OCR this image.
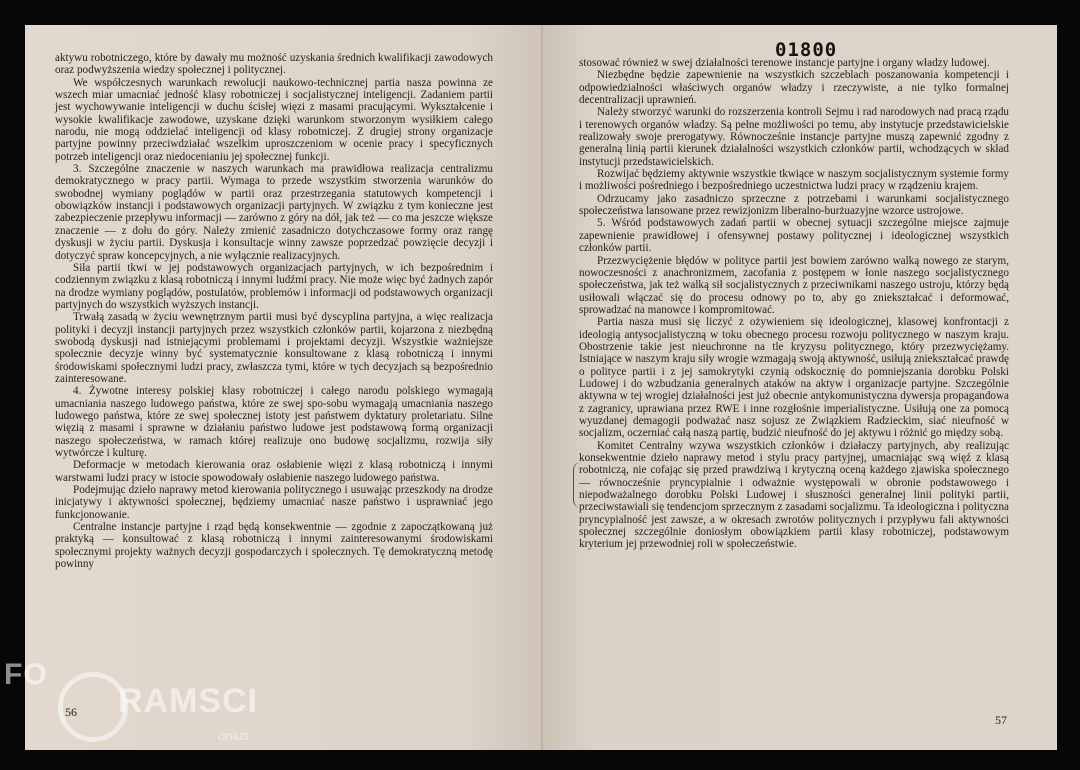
aktywu robotniczego, które by dawały mu możność uzyskania średnich kwalifikacji zawodowych oraz podwyższenia wiedzy społecznej i politycznej.

We współczesnych warunkach rewolucji naukowo-technicznej partia nasza powinna ze wszech miar umacniać jedność klasy robotniczej i socjalistycznej inteligencji. Zadaniem partii jest wychowywanie inteligencji w duchu ścisłej więzi z masami pracującymi. Wykształcenie i wysokie kwalifikacje zawodowe, uzyskane dzięki warunkom stworzonym wysiłkiem całego narodu, nie mogą oddzielać inteligencji od klasy robotniczej. Z drugiej strony organizacje partyjne powinny przeciwdziałać wszelkim uproszczeniom w ocenie pracy i specyficznych potrzeb inteligencji oraz niedocenianiu jej społecznej funkcji.

3. Szczególne znaczenie w naszych warunkach ma prawidłowa realizacja centralizmu demokratycznego w pracy partii. Wymaga to przede wszystkim stworzenia warunków do swobodnej wymiany poglądów w partii oraz przestrzegania statutowych kompetencji i obowiązków instancji i podstawowych organizacji partyjnych. W związku z tym konieczne jest zabezpieczenie przepływu informacji — zarówno z góry na dół, jak też — co ma jeszcze większe znaczenie — z dołu do góry. Należy zmienić zasadniczo dotychczasowe formy oraz rangę dyskusji w życiu partii. Dyskusja i konsultacje winny zawsze poprzedzać powzięcie decyzji i dotyczyć spraw koncepcyjnych, a nie wyłącznie realizacyjnych.

Siła partii tkwi w jej podstawowych organizacjach partyjnych, w ich bezpośrednim i codziennym związku z klasą robotniczą i innymi ludźmi pracy. Nie może więc być żadnych zapór na drodze wymiany poglądów, postulatów, problemów i informacji od podstawowych organizacji partyjnych do wszystkich wyższych instancji.

Trwałą zasadą w życiu wewnętrznym partii musi być dyscyplina partyjna, a więc realizacja polityki i decyzji instancji partyjnych przez wszystkich członków partii, kojarzona z niezbędną swobodą dyskusji nad istniejącymi problemami i projektami decyzji. Wszystkie ważniejsze społecznie decyzje winny być systematycznie konsultowane z klasą robotniczą i innymi środowiskami społecznymi ludzi pracy, zwłaszcza tymi, które w tych decyzjach są bezpośrednio zainteresowane.

4. Żywotne interesy polskiej klasy robotniczej i całego narodu polskiego wymagają umacniania naszego ludowego państwa, które ze swej spo-sobu wymagają umacniania naszego ludowego państwa, które ze swej społecznej istoty jest państwem dyktatury proletariatu. Silne więzią z masami i sprawne w działaniu państwo ludowe jest podstawową formą organizacji naszego społeczeństwa, w ramach której realizuje ono budowę socjalizmu, rozwija siły wytwórcze i kulturę.

Deformacje w metodach kierowania oraz osłabienie więzi z klasą robotniczą i innymi warstwami ludzi pracy w istocie spowodowały osłabienie naszego ludowego państwa.

Podejmując dzieło naprawy metod kierowania politycznego i usuwając przeszkody na drodze inicjatywy i aktywności społecznej, będziemy umacniać nasze państwo i usprawniać jego funkcjonowanie.

Centralne instancje partyjne i rząd będą konsekwentnie — zgodnie z zapoczątkowaną już praktyką — konsultować z klasą robotniczą i innymi zainteresowanymi środowiskami społecznymi projekty ważnych decyzji gospodarczych i społecznych. Tę demokratyczną metodę powinny

56
01800

stosować również w swej działalności terenowe instancje partyjne i organy władzy ludowej.

Niezbędne będzie zapewnienie na wszystkich szczeblach poszanowania kompetencji i odpowiedzialności właściwych organów władzy i rzeczywiste, a nie tylko formalnej decentralizacji uprawnień.

Należy stworzyć warunki do rozszerzenia kontroli Sejmu i rad narodowych nad pracą rządu i terenowych organów władzy. Są pełne możliwości po temu, aby instytucje przedstawicielskie realizowały swoje prerogatywy. Równocześnie instancje partyjne muszą zapewnić zgodny z generalną linią partii kierunek działalności wszystkich członków partii, wchodzących w skład instytucji przedstawicielskich.

Rozwijać będziemy aktywnie wszystkie tkwiące w naszym socjalistycznym systemie formy i możliwości pośredniego i bezpośredniego uczestnictwa ludzi pracy w rządzeniu krajem.

Odrzucamy jako zasadniczo sprzeczne z potrzebami i warunkami socjalistycznego społeczeństwa lansowane przez rewizjonizm liberalno-burżuazyjne wzorce ustrojowe.

5. Wśród podstawowych zadań partii w obecnej sytuacji szczególne miejsce zajmuje zapewnienie prawidłowej i ofensywnej postawy politycznej i ideologicznej wszystkich członków partii.

Przezwyciężenie błędów w polityce partii jest bowiem zarówno walką nowego ze starym, nowoczesności z anachronizmem, zacofania z postępem w łonie naszego socjalistycznego społeczeństwa, jak też walką sił socjalistycznych z przeciwnikami naszego ustroju, którzy będą usiłowali włączać się do procesu odnowy po to, aby go zniekształcać i deformować, sprowadzać na manowce i kompromitować.

Partia nasza musi się liczyć z ożywieniem się ideologicznej, klasowej konfrontacji z ideologią antysocjalistyczną w toku obecnego procesu rozwoju politycznego w naszym kraju. Obostrzenie takie jest nieuchronne na tle kryzysu politycznego, który przezwyciężamy. Istniające w naszym kraju siły wrogie wzmagają swoją aktywność, usiłują zniekształcać prawdę o polityce partii i z jej samokrytyki czynią odskocznię do pomniejszania dorobku Polski Ludowej i do wzbudzania generalnych ataków na aktyw i organizacje partyjne. Szczególnie aktywna w tej wrogiej działalności jest już obecnie antykomunistyczna dywersja propagandowa z zagranicy, uprawiana przez RWE i inne rozgłośnie imperialistyczne. Usiłują one za pomocą wyuzdanej demagogii podważać nasz sojusz ze Związkiem Radzieckim, siać nieufność w socjalizm, oczerniać całą naszą partię, budzić nieufność do jej aktywu i różnić go między sobą.

Komitet Centralny wzywa wszystkich członków i działaczy partyjnych, aby realizując konsekwentnie dzieło naprawy metod i stylu pracy partyjnej, umacniając swą więź z klasą robotniczą, nie cofając się przed prawdziwą i krytyczną oceną każdego zjawiska społecznego — równocześnie pryncypialnie i odważnie występowali w obronie podstawowego i niepodważalnego dorobku Polski Ludowej i słuszności generalnej linii polityki partii, przeciwstawiali się tendencjom sprzecznym z zasadami socjalizmu. Ta ideologiczna i polityczna pryncypialność jest zawsze, a w okresach zwrotów politycznych i przypływu fali aktywności społecznej szczególnie doniosłym obowiązkiem partii klasy robotniczej, podstawowym kryterium jej przewodniej roli w społeczeństwie.

57
FO
RAMSCI
onlus
